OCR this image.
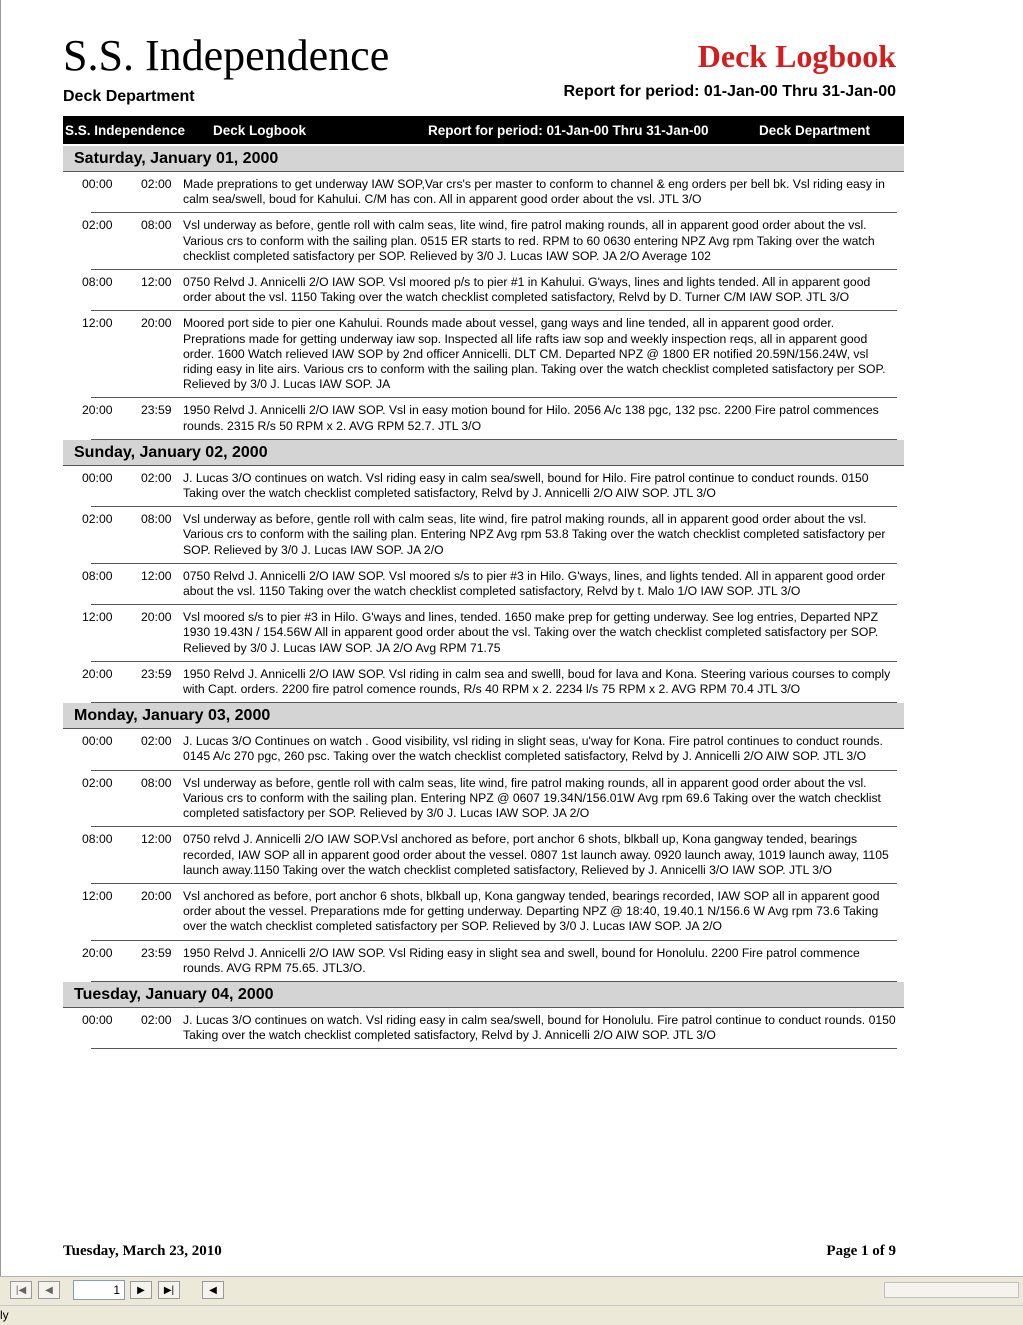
S.S. Independence	Deck Logbook
Deck Department	Report for period: 01-Jan-00 Thru 31-Jan-00
S.S. Independence Deck Logbook	Report for period: 01-Jan-00 Thru 31-Jan-00	Deck Department
Saturday, January 01, 2000
00:00 02:00 Made preprations to get underway IAW SOP,Var crs's per master to conform to channel & eng orders per bell bk. Vsl riding easy in calm sea/swell, boud for Kahului. C/M has con. All in apparent good order about the vsl. JTL 3/O
02:00 08:00 Vsl underway as before, gentle roll with calm seas, lite wind, fire patrol making rounds, all in apparent good order about the vsl. Various crs to conform with the sailing plan. 0515 ER starts to red. RPM to 60 0630 entering NPZ Avg rpm Taking over the watch checklist completed satisfactory per SOP. Relieved by 3/0 J. Lucas IAW SOP. JA 2/O Average 102
08:00 12:00 0750 Relvd J. Annicelli 2/O IAW SOP. Vsl moored p/s to pier #1 in Kahului. G'ways, lines and lights tended. All in apparent good order about the vsl. 1150 Taking over the watch checklist completed satisfactory, Relvd by D. Turner C/M IAW SOP. JTL 3/O
12:00 20:00 Moored port side to pier one Kahului. Rounds made about vessel, gang ways and line tended, all in apparent good order. Preprations made for getting underway iaw sop. Inspected all life rafts iaw sop and weekly inspection reqs, all in apparent good order. 1600 Watch relieved IAW SOP by 2nd officer Annicelli. DLT CM. Departed NPZ @ 1800 ER notified 20.59N/156.24W, vsl riding easy in lite airs. Various crs to conform with the sailing plan. Taking over the watch checklist completed satisfactory per SOP. Relieved by 3/0 J. Lucas IAW SOP. JA
20:00 23:59 1950 Relvd J. Annicelli 2/O IAW SOP. Vsl in easy motion bound for Hilo. 2056 A/c 138 pgc, 132 psc. 2200 Fire patrol commences rounds. 2315 R/s 50 RPM x 2. AVG RPM 52.7. JTL 3/O
Sunday, January 02, 2000
00:00 02:00 J. Lucas 3/O continues on watch. Vsl riding easy in calm sea/swell, bound for Hilo. Fire patrol continue to conduct rounds. 0150 Taking over the watch checklist completed satisfactory, Relvd by J. Annicelli 2/O AIW SOP. JTL 3/O
02:00 08:00 Vsl underway as before, gentle roll with calm seas, lite wind, fire patrol making rounds, all in apparent good order about the vsl. Various crs to conform with the sailing plan. Entering NPZ Avg rpm 53.8 Taking over the watch checklist completed satisfactory per SOP. Relieved by 3/0 J. Lucas IAW SOP. JA 2/O
08:00 12:00 0750 Relvd J. Annicelli 2/O IAW SOP. Vsl moored s/s to pier #3 in Hilo. G'ways, lines, and lights tended. All in apparent good order about the vsl. 1150 Taking over the watch checklist completed satisfactory, Relvd by t. Malo 1/O IAW SOP. JTL 3/O
12:00 20:00 Vsl moored s/s to pier #3 in Hilo. G'ways and lines, tended. 1650 make prep for getting underway. See log entries, Departed NPZ 1930 19.43N / 154.56W All in apparent good order about the vsl. Taking over the watch checklist completed satisfactory per SOP. Relieved by 3/0 J. Lucas IAW SOP. JA 2/O Avg RPM 71.75
20:00 23:59 1950 Relvd J. Annicelli 2/O IAW SOP. Vsl riding in calm sea and swelll, boud for lava and Kona. Steering various courses to comply with Capt. orders. 2200 fire patrol comence rounds, R/s 40 RPM x 2. 2234 l/s 75 RPM x 2. AVG RPM 70.4 JTL 3/O
Monday, January 03, 2000
00:00 02:00 J. Lucas 3/O Continues on watch . Good visibility, vsl riding in slight seas, u'way for Kona. Fire patrol continues to conduct rounds. 0145 A/c 270 pgc, 260 psc. Taking over the watch checklist completed satisfactory, Relvd by J. Annicelli 2/O AIW SOP. JTL 3/O
02:00 08:00 Vsl underway as before, gentle roll with calm seas, lite wind, fire patrol making rounds, all in apparent good order about the vsl. Various crs to conform with the sailing plan. Entering NPZ @ 0607 19.34N/156.01W Avg rpm 69.6 Taking over the watch checklist completed satisfactory per SOP. Relieved by 3/0 J. Lucas IAW SOP. JA 2/O
08:00 12:00 0750 relvd J. Annicelli 2/O IAW SOP.Vsl anchored as before, port anchor 6 shots, blkball up, Kona gangway tended, bearings recorded, IAW SOP all in apparent good order about the vessel. 0807 1st launch away. 0920 launch away, 1019 launch away, 1105 launch away.1150 Taking over the watch checklist completed satisfactory, Relieved by J. Annicelli 3/O IAW SOP. JTL 3/O
12:00 20:00 Vsl anchored as before, port anchor 6 shots, blkball up, Kona gangway tended, bearings recorded, IAW SOP all in apparent good order about the vessel. Preparations mde for getting underway. Departing NPZ @ 18:40, 19.40.1 N/156.6 W Avg rpm 73.6 Taking over the watch checklist completed satisfactory per SOP. Relieved by 3/0 J. Lucas IAW SOP. JA 2/O
20:00 23:59 1950 Relvd J. Annicelli 2/O IAW SOP. Vsl Riding easy in slight sea and swell, bound for Honolulu. 2200 Fire patrol commence rounds. AVG RPM 75.65. JTL3/O.
Tuesday, January 04, 2000
00:00 02:00 J. Lucas 3/O continues on watch. Vsl riding easy in calm sea/swell, bound for Honolulu. Fire patrol continue to conduct rounds. 0150 Taking over the watch checklist completed satisfactory, Relvd by J. Annicelli 2/O AIW SOP. JTL 3/O
Tuesday, March 23, 2010	Page 1 of 9
|◀	◀	1	▶	▶|	◀
ly
